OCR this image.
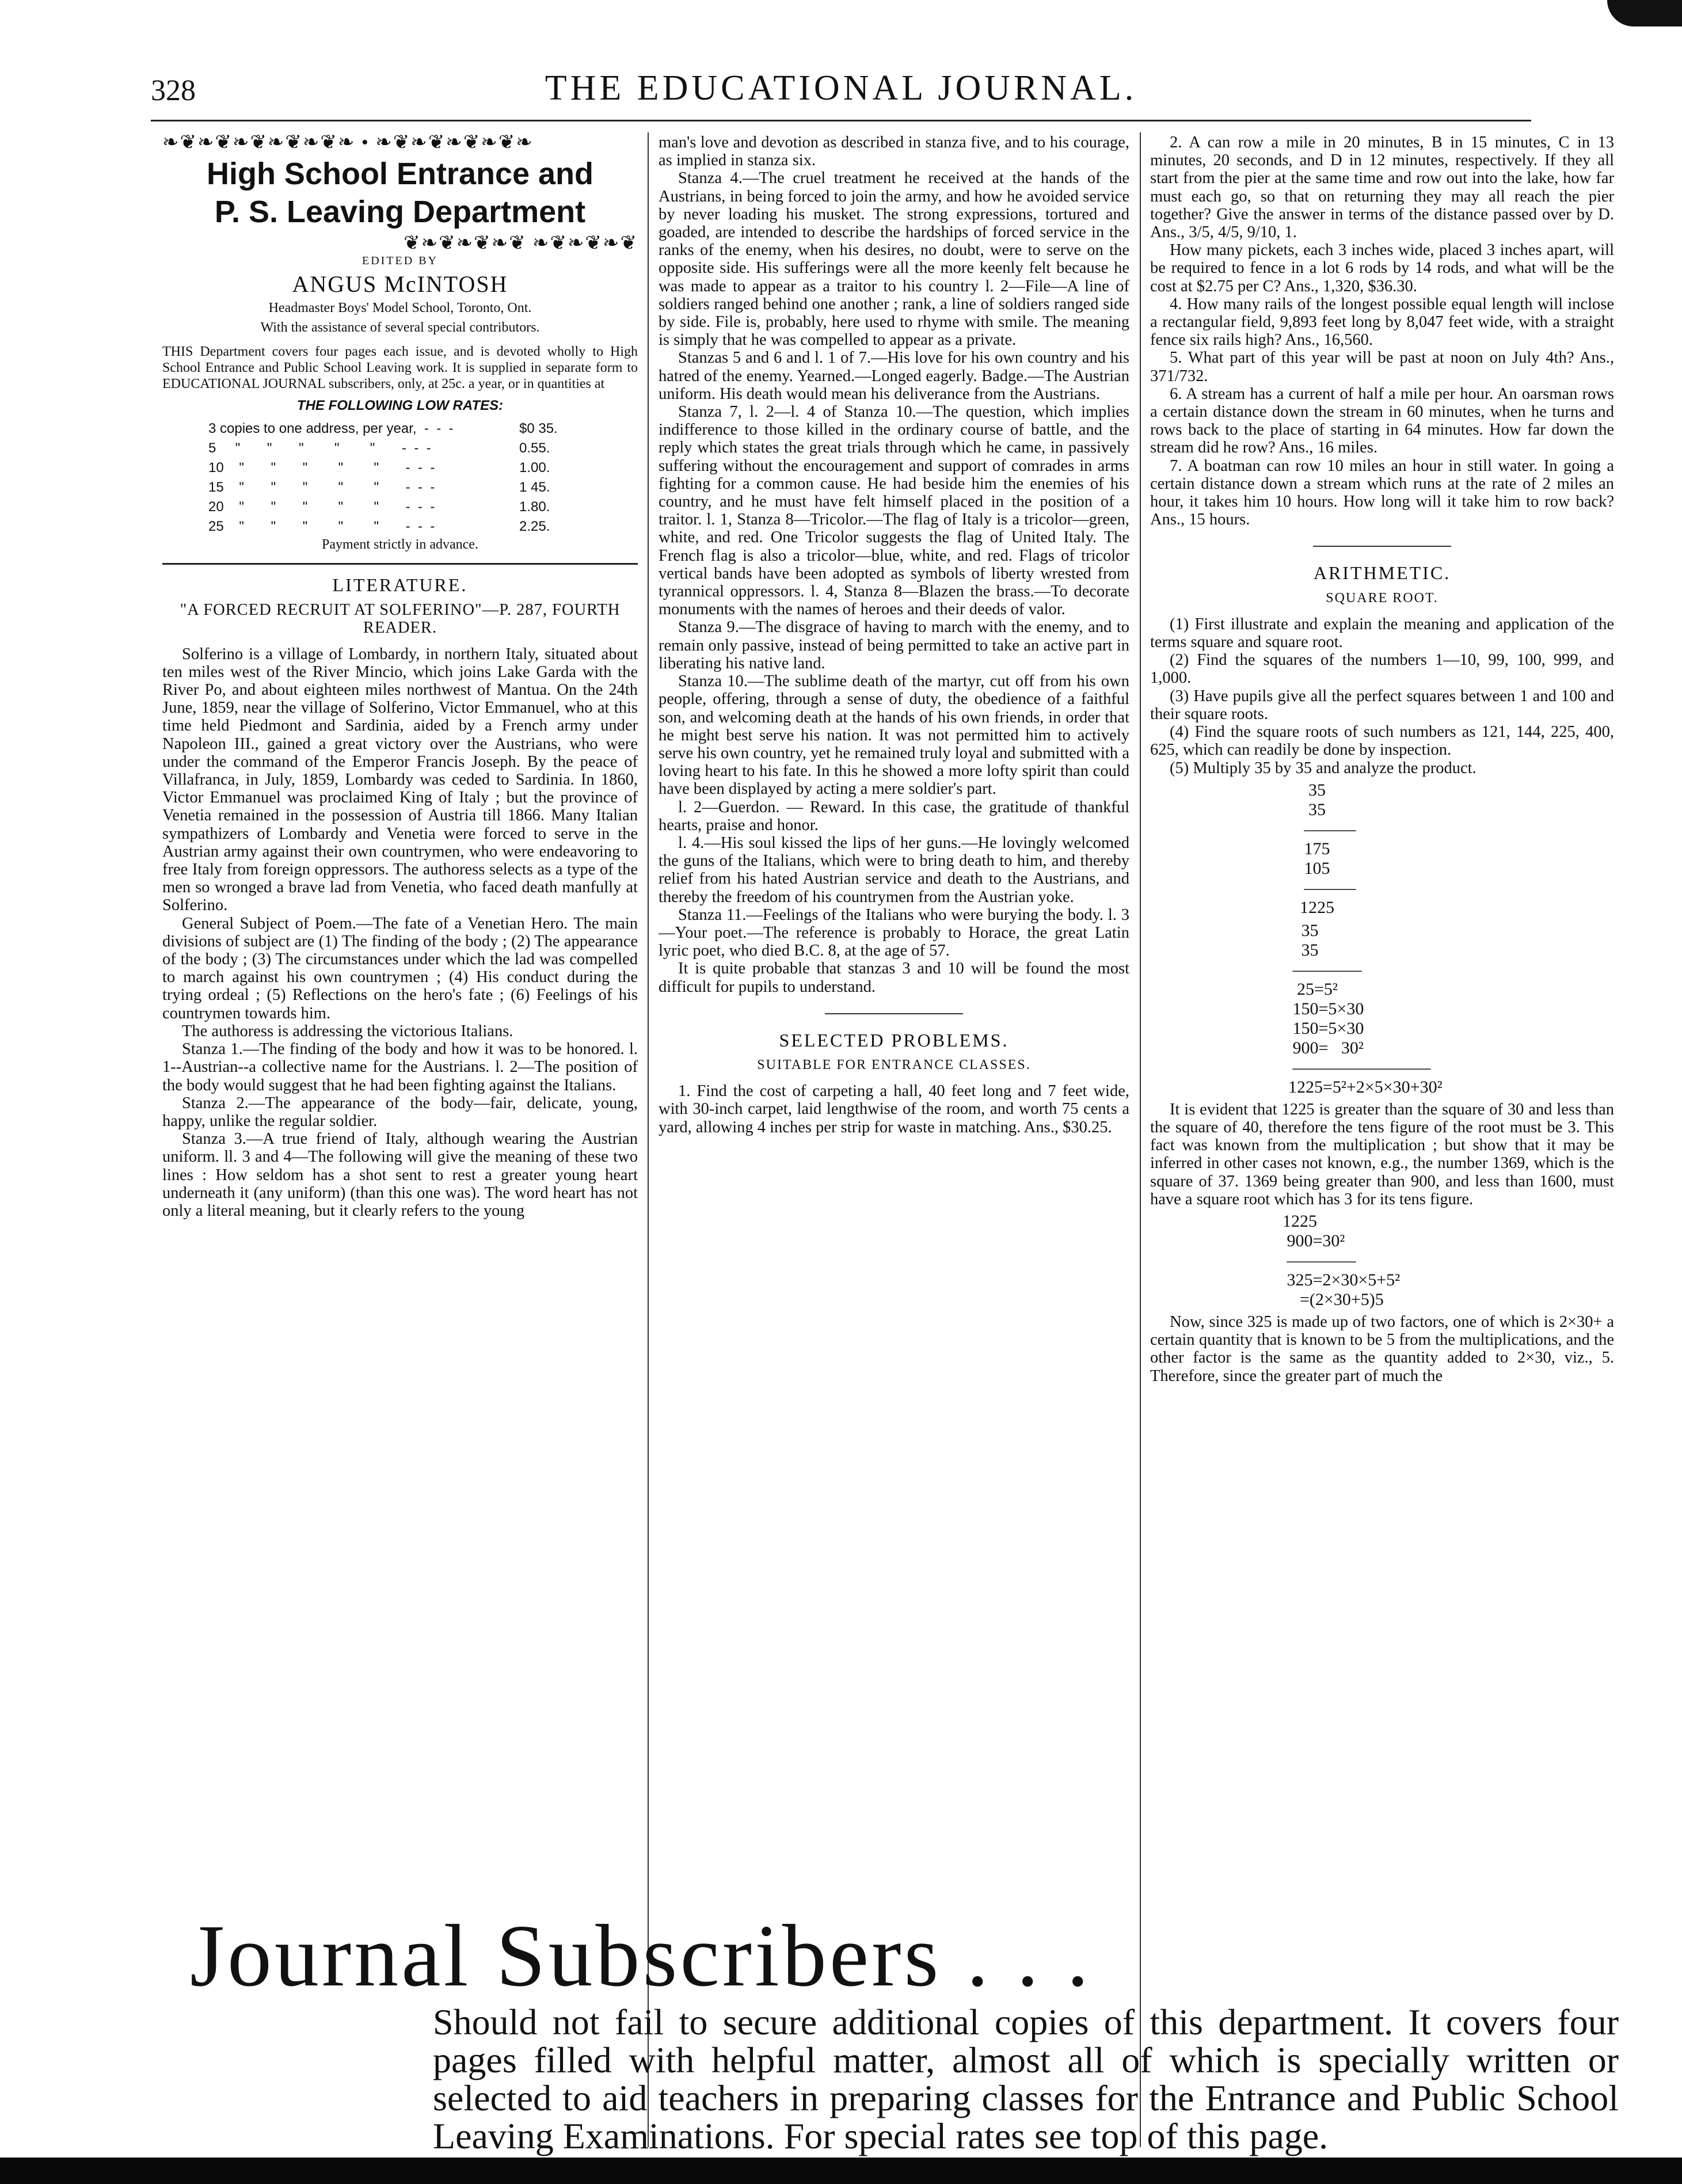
328	THE EDUCATIONAL JOURNAL.
❧❦❧❦❧❦❧❦❧❦❧ • ❧❦❧❦❧❦❧❦❧
High School Entrance and
P. S. Leaving Department
❦❧❦❧❦❧❦ ❧❦❧❦❧❦
EDITED BY
ANGUS McINTOSH

Headmaster Boys' Model School, Toronto, Ont.

With the assistance of several special contributors.

THIS Department covers four pages each issue, and is devoted wholly to High School Entrance and Public School Leaving work. It is supplied in separate form to EDUCATIONAL JOURNAL subscribers, only, at 25c. a year, or in quantities at

THE FOLLOWING LOW RATES:

3 copies to one address, per year,  -  -  -	$0 35.
5     "       "       "        "        "       -  -  -	0.55.
10    "       "       "        "        "       -  -  -	1.00.
15    "       "       "        "        "       -  -  -	1 45.
20    "       "       "        "        "       -  -  -	1.80.
25    "       "       "        "        "       -  -  -	2.25.

Payment strictly in advance.

LITERATURE.

"A FORCED RECRUIT AT SOLFERINO"—P. 287, FOURTH READER.

Solferino is a village of Lombardy, in northern Italy, situated about ten miles west of the River Mincio, which joins Lake Garda with the River Po, and about eighteen miles northwest of Mantua. On the 24th June, 1859, near the village of Solferino, Victor Emmanuel, who at this time held Piedmont and Sardinia, aided by a French army under Napoleon III., gained a great victory over the Austrians, who were under the command of the Emperor Francis Joseph. By the peace of Villafranca, in July, 1859, Lombardy was ceded to Sardinia. In 1860, Victor Emmanuel was proclaimed King of Italy ; but the province of Venetia remained in the possession of Austria till 1866. Many Italian sympathizers of Lombardy and Venetia were forced to serve in the Austrian army against their own countrymen, who were endeavoring to free Italy from foreign oppressors. The authoress selects as a type of the men so wronged a brave lad from Venetia, who faced death manfully at Solferino.

General Subject of Poem.—The fate of a Venetian Hero. The main divisions of subject are (1) The finding of the body ; (2) The appearance of the body ; (3) The circumstances under which the lad was compelled to march against his own countrymen ; (4) His conduct during the trying ordeal ; (5) Reflections on the hero's fate ; (6) Feelings of his countrymen towards him.

The authoress is addressing the victorious Italians.

Stanza 1.—The finding of the body and how it was to be honored. l. 1--Austrian--a collective name for the Austrians. l. 2—The position of the body would suggest that he had been fighting against the Italians.

Stanza 2.—The appearance of the body—fair, delicate, young, happy, unlike the regular soldier.

Stanza 3.—A true friend of Italy, although wearing the Austrian uniform. ll. 3 and 4—The following will give the meaning of these two lines : How seldom has a shot sent to rest a greater young heart underneath it (any uniform) (than this one was). The word heart has not only a literal meaning, but it clearly refers to the young

man's love and devotion as described in stanza five, and to his courage, as implied in stanza six.

Stanza 4.—The cruel treatment he received at the hands of the Austrians, in being forced to join the army, and how he avoided service by never loading his musket. The strong expressions, tortured and goaded, are intended to describe the hardships of forced service in the ranks of the enemy, when his desires, no doubt, were to serve on the opposite side. His sufferings were all the more keenly felt because he was made to appear as a traitor to his country l. 2—File—A line of soldiers ranged behind one another ; rank, a line of soldiers ranged side by side. File is, probably, here used to rhyme with smile. The meaning is simply that he was compelled to appear as a private.

Stanzas 5 and 6 and l. 1 of 7.—His love for his own country and his hatred of the enemy. Yearned.—Longed eagerly. Badge.—The Austrian uniform. His death would mean his deliverance from the Austrians.

Stanza 7, l. 2—l. 4 of Stanza 10.—The question, which implies indifference to those killed in the ordinary course of battle, and the reply which states the great trials through which he came, in passively suffering without the encouragement and support of comrades in arms fighting for a common cause. He had beside him the enemies of his country, and he must have felt himself placed in the position of a traitor. l. 1, Stanza 8—Tricolor.—The flag of Italy is a tricolor—green, white, and red. One Tricolor suggests the flag of United Italy. The French flag is also a tricolor—blue, white, and red. Flags of tricolor vertical bands have been adopted as symbols of liberty wrested from tyrannical oppressors. l. 4, Stanza 8—Blazen the brass.—To decorate monuments with the names of heroes and their deeds of valor.

Stanza 9.—The disgrace of having to march with the enemy, and to remain only passive, instead of being permitted to take an active part in liberating his native land.

Stanza 10.—The sublime death of the martyr, cut off from his own people, offering, through a sense of duty, the obedience of a faithful son, and welcoming death at the hands of his own friends, in order that he might best serve his nation. It was not permitted him to actively serve his own country, yet he remained truly loyal and submitted with a loving heart to his fate. In this he showed a more lofty spirit than could have been displayed by acting a mere soldier's part.

l. 2—Guerdon. — Reward. In this case, the gratitude of thankful hearts, praise and honor.

l. 4.—His soul kissed the lips of her guns.—He lovingly welcomed the guns of the Italians, which were to bring death to him, and thereby relief from his hated Austrian service and death to the Austrians, and thereby the freedom of his countrymen from the Austrian yoke.

Stanza 11.—Feelings of the Italians who were burying the body. l. 3—Your poet.—The reference is probably to Horace, the great Latin lyric poet, who died B.C. 8, at the age of 57.

It is quite probable that stanzas 3 and 10 will be found the most difficult for pupils to understand.

SELECTED PROBLEMS.
SUITABLE FOR ENTRANCE CLASSES.

1. Find the cost of carpeting a hall, 40 feet long and 7 feet wide, with 30-inch carpet, laid lengthwise of the room, and worth 75 cents a yard, allowing 4 inches per strip for waste in matching. Ans., $30.25.

2. A can row a mile in 20 minutes, B in 15 minutes, C in 13 minutes, 20 seconds, and D in 12 minutes, respectively. If they all start from the pier at the same time and row out into the lake, how far must each go, so that on returning they may all reach the pier together? Give the answer in terms of the distance passed over by D. Ans., 3/5, 4/5, 9/10, 1.

How many pickets, each 3 inches wide, placed 3 inches apart, will be required to fence in a lot 6 rods by 14 rods, and what will be the cost at $2.75 per C? Ans., 1,320, $36.30.

4. How many rails of the longest possible equal length will inclose a rectangular field, 9,893 feet long by 8,047 feet wide, with a straight fence six rails high? Ans., 16,560.

5. What part of this year will be past at noon on July 4th? Ans., 371/732.

6. A stream has a current of half a mile per hour. An oarsman rows a certain distance down the stream in 60 minutes, when he turns and rows back to the place of starting in 64 minutes. How far down the stream did he row? Ans., 16 miles.

7. A boatman can row 10 miles an hour in still water. In going a certain distance down a stream which runs at the rate of 2 miles an hour, it takes him 10 hours. How long will it take him to row back? Ans., 15 hours.

ARITHMETIC.
SQUARE ROOT.

(1) First illustrate and explain the meaning and application of the terms square and square root.

(2) Find the squares of the numbers 1—10, 99, 100, 999, and 1,000.

(3) Have pupils give all the perfect squares between 1 and 100 and their square roots.

(4) Find the square roots of such numbers as 121, 144, 225, 400, 625, which can readily be done by inspection.

(5) Multiply 35 by 35 and analyze the product.

35
35
———
175
105
———
1225
35
35
————
25=5²
150=5×30
150=5×30
900=   30²
————————
1225=5²+2×5×30+30²

It is evident that 1225 is greater than the square of 30 and less than the square of 40, therefore the tens figure of the root must be 3. This fact was known from the multiplication ; but show that it may be inferred in other cases not known, e.g., the number 1369, which is the square of 37. 1369 being greater than 900, and less than 1600, must have a square root which has 3 for its tens figure.

1225
900=30²
————
325=2×30×5+5²
=(2×30+5)5

Now, since 325 is made up of two factors, one of which is 2×30+ a certain quantity that is known to be 5 from the multiplications, and the other factor is the same as the quantity added to 2×30, viz., 5. Therefore, since the greater part of much the

Journal Subscribers . . .

Should not fail to secure additional copies of this department. It covers four pages filled with helpful matter, almost all of which is specially written or selected to aid teachers in preparing classes for the Entrance and Public School Leaving Examinations. For special rates see top of this page.
